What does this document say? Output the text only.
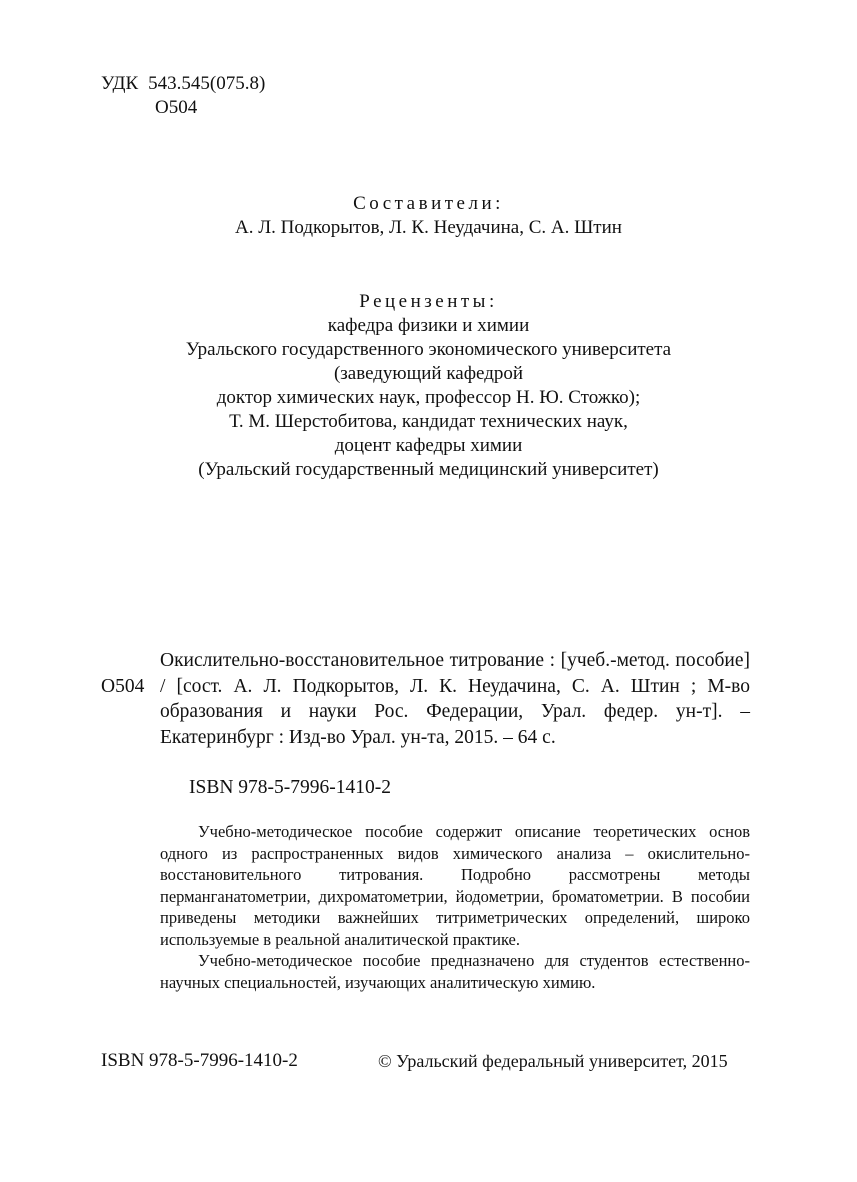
УДК 543.545(075.8)
О504
Составители:
А. Л. Подкорытов, Л. К. Неудачина, С. А. Штин
Рецензенты:
кафедра физики и химии
Уральского государственного экономического университета
(заведующий кафедрой
доктор химических наук, профессор Н. Ю. Стожко);
Т. М. Шерстобитова, кандидат технических наук,
доцент кафедры химии
(Уральский государственный медицинский университет)
О504

Окислительно-восстановительное титрование : [учеб.-метод. пособие] / [сост. А. Л. Подкорытов, Л. К. Неудачина, С. А. Штин ; М-во образования и науки Рос. Федерации, Урал. федер. ун-т]. – Екатеринбург : Изд-во Урал. ун-та, 2015. – 64 с.

ISBN 978-5-7996-1410-2

Учебно-методическое пособие содержит описание теоретических основ одного из распространенных видов химического анализа – окислительно-восстановительного титрования. Подробно рассмотрены методы перманганатометрии, дихроматометрии, йодометрии, броматометрии. В пособии приведены методики важнейших титриметрических определений, широко используемые в реальной аналитической практике.

Учебно-методическое пособие предназначено для студентов естественно-научных специальностей, изучающих аналитическую химию.

ISBN 978-5-7996-1410-2	© Уральский федеральный университет, 2015
